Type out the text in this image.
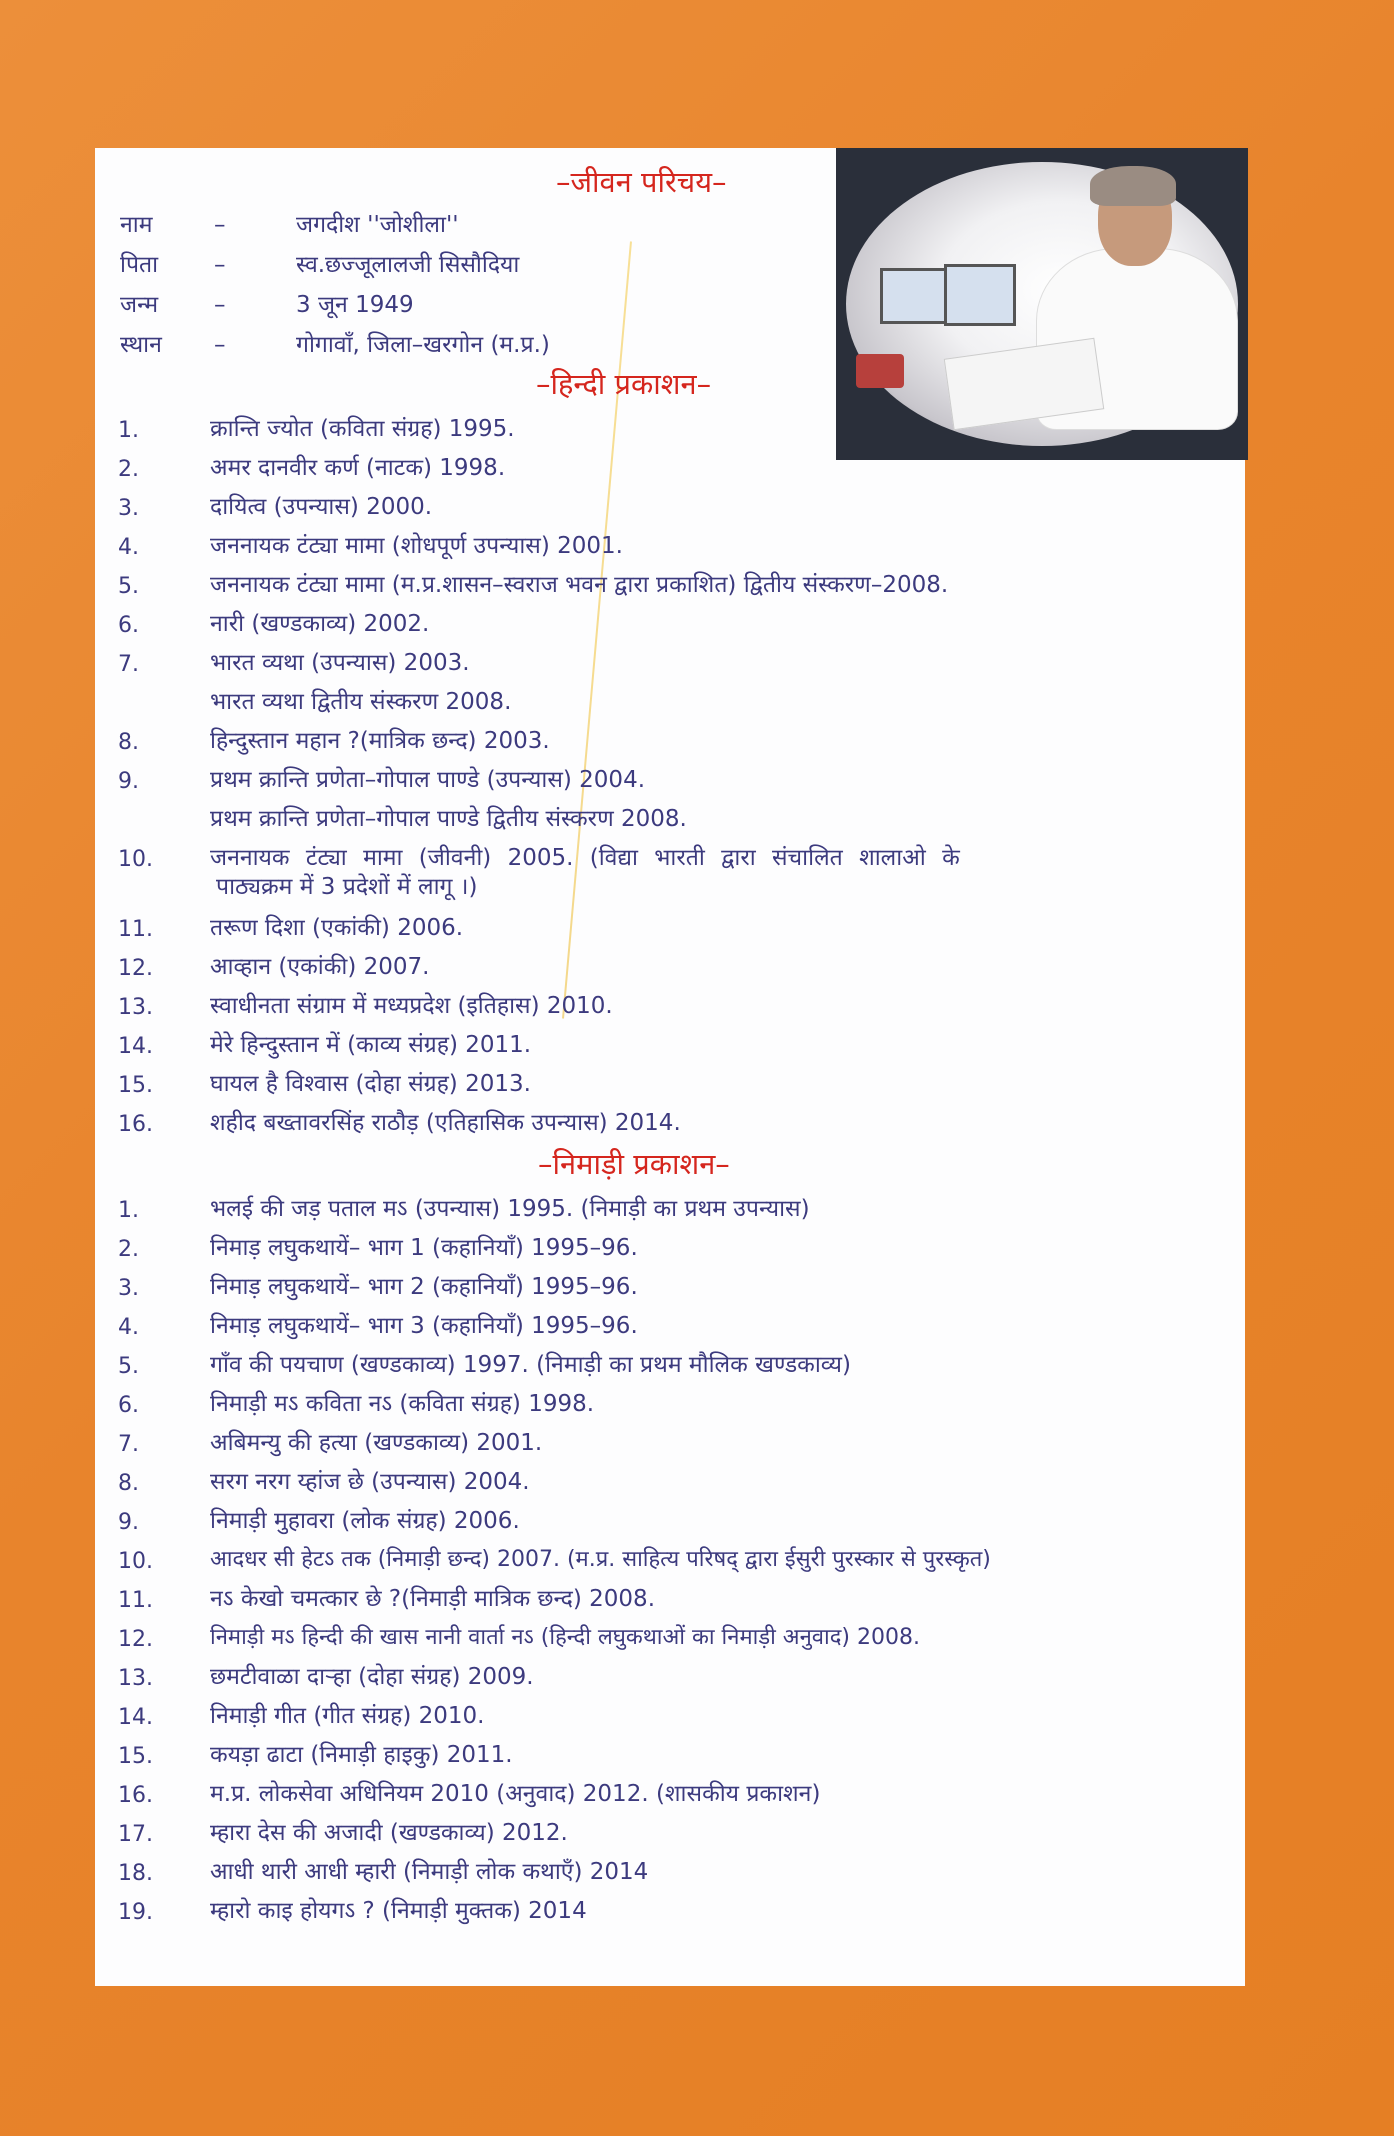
–जीवन परिचय–
नाम	–	जगदीश ''जोशीला''
पिता –	स्व.छज्जूलालजी सिसौदिया
जन्म –	3 जून 1949
स्थान –	गोगावाँ, जिला–खरगोन (म.प्र.)
–हिन्दी प्रकाशन–
1.	क्रान्ति ज्योत (कविता संग्रह) 1995.
2.	अमर दानवीर कर्ण (नाटक) 1998.
3.	दायित्व (उपन्यास) 2000.
4.	जननायक टंट्या मामा (शोधपूर्ण उपन्यास) 2001.
5.	जननायक टंट्या मामा (म.प्र.शासन–स्वराज भवन द्वारा प्रकाशित) द्वितीय संस्करण–2008.
6.	नारी (खण्डकाव्य) 2002.
7.	भारत व्यथा (उपन्यास) 2003.
भारत व्यथा द्वितीय संस्करण 2008.
8.	हिन्दुस्तान महान ?(मात्रिक छन्द) 2003.
9.	प्रथम क्रान्ति प्रणेता–गोपाल पाण्डे (उपन्यास) 2004.
प्रथम क्रान्ति प्रणेता–गोपाल पाण्डे द्वितीय संस्करण 2008.
10. जननायक टंट्या मामा (जीवनी) 2005. (विद्या भारती द्वारा संचालित शालाओ के
पाठ्यक्रम में 3 प्रदेशों में लागू ।)
11. तरूण दिशा (एकांकी) 2006.
12. आव्हान (एकांकी) 2007.
13. स्वाधीनता संग्राम में मध्यप्रदेश (इतिहास) 2010.
14. मेरे हिन्दुस्तान में (काव्य संग्रह) 2011.
15. घायल है विश्वास (दोहा संग्रह) 2013.
16. शहीद बख्तावरसिंह राठौड़ (एतिहासिक उपन्यास) 2014.
–निमाड़ी प्रकाशन–
1.	भलई की जड़ पताल मऽ (उपन्यास) 1995. (निमाड़ी का प्रथम उपन्यास)
2.	निमाड़ लघुकथायें– भाग 1 (कहानियाँ) 1995–96.
3.	निमाड़ लघुकथायें– भाग 2 (कहानियाँ) 1995–96.
4.	निमाड़ लघुकथायें– भाग 3 (कहानियाँ) 1995–96.
5.	गाँव की पयचाण (खण्डकाव्य) 1997. (निमाड़ी का प्रथम मौलिक खण्डकाव्य)
6.	निमाड़ी मऽ कविता नऽ (कविता संग्रह) 1998.
7.	अबिमन्यु की हत्या (खण्डकाव्य) 2001.
8.	सरग नरग य्हांज छे (उपन्यास) 2004.
9.	निमाड़ी मुहावरा (लोक संग्रह) 2006.
10.	आदधर सी हेटऽ तक (निमाड़ी छन्द) 2007. (म.प्र. साहित्य परिषद् द्वारा ईसुरी पुरस्कार से पुरस्कृत)
11. नऽ केखो चमत्कार छे ?(निमाड़ी मात्रिक छन्द) 2008.
12.	निमाड़ी मऽ हिन्दी की खास नानी वार्ता नऽ (हिन्दी लघुकथाओं का निमाड़ी अनुवाद) 2008.
13. छमटीवाळा दार्‍हा (दोहा संग्रह) 2009.
14. निमाड़ी गीत (गीत संग्रह) 2010.
15. कयड़ा ढाटा (निमाड़ी हाइकु) 2011.
16. म.प्र. लोकसेवा अधिनियम 2010 (अनुवाद) 2012. (शासकीय प्रकाशन)
17. म्हारा देस की अजादी (खण्डकाव्य) 2012.
18. आधी थारी आधी म्हारी (निमाड़ी लोक कथाएँ) 2014
19. म्हारो काइ होयगऽ ? (निमाड़ी मुक्तक) 2014
